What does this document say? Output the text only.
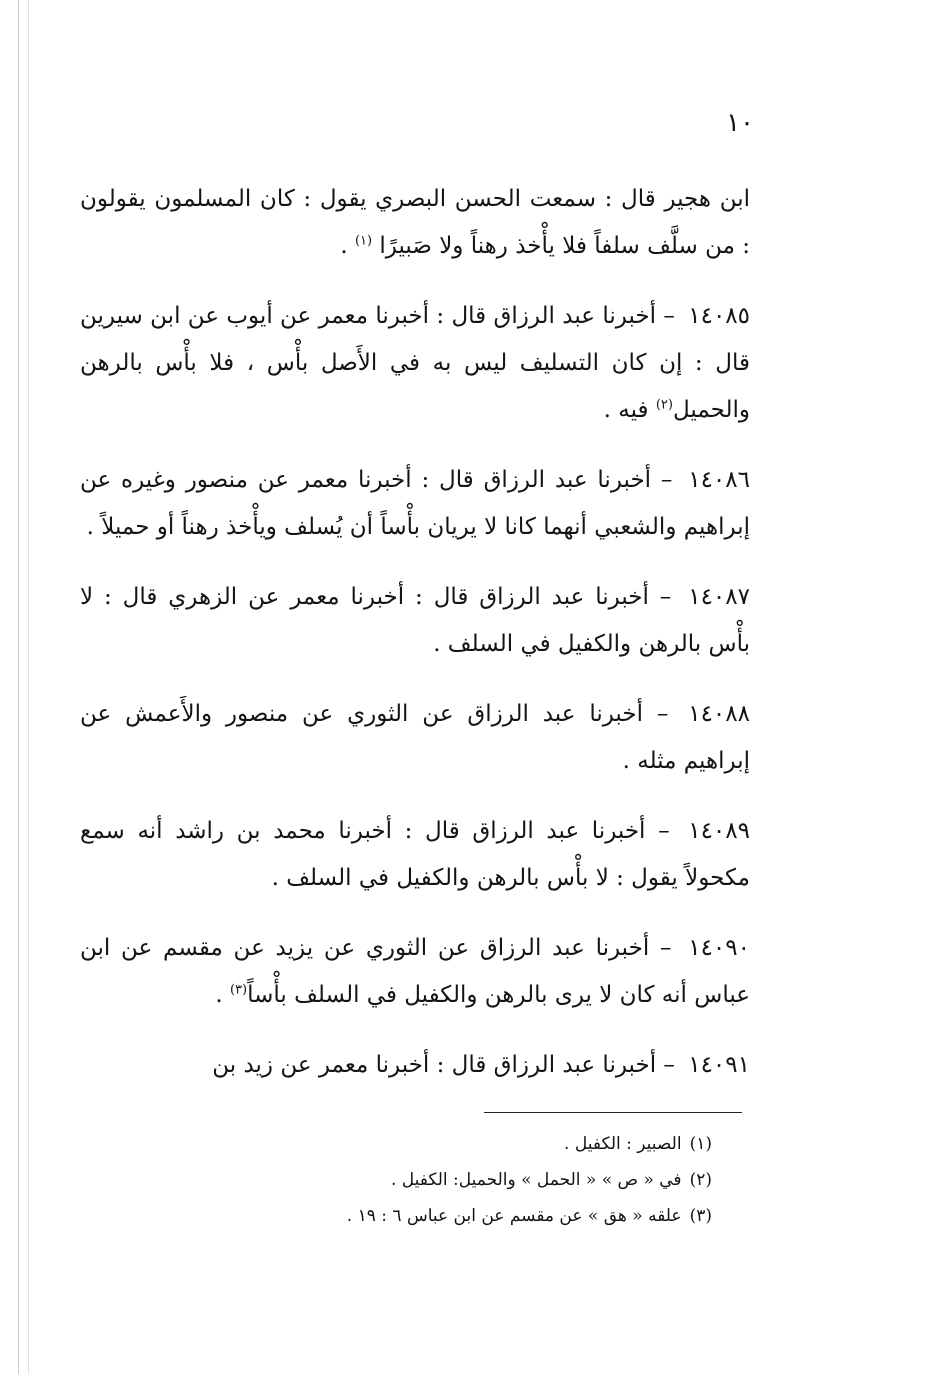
١٠

ابن هجير قال : سمعت الحسن البصري يقول : كان المسلمون يقولون : من سلَّف سلفاً فلا يأْخذ رهناً ولا صَبيرًا $^{(١)}$ .

١٤٠٨٥ – أخبرنا عبد الرزاق قال : أخبرنا معمر عن أيوب عن ابن سيرين قال : إن كان التسليف ليس به في الأَصل بأْس ، فلا بأْس بالرهن والحميل$^{(٢)}$ فيه .

١٤٠٨٦ – أخبرنا عبد الرزاق قال : أخبرنا معمر عن منصور وغيره عن إبراهيم والشعبي أنهما كانا لا يريان بأْساً أن يُسلف ويأْخذ رهناً أو حميلاً .

١٤٠٨٧ – أخبرنا عبد الرزاق قال : أخبرنا معمر عن الزهري قال : لا بأْس بالرهن والكفيل في السلف .

١٤٠٨٨ – أخبرنا عبد الرزاق عن الثوري عن منصور والأَعمش عن إبراهيم مثله .

١٤٠٨٩ – أخبرنا عبد الرزاق قال : أخبرنا محمد بن راشد أنه سمع مكحولاً يقول : لا بأْس بالرهن والكفيل في السلف .

١٤٠٩٠ – أخبرنا عبد الرزاق عن الثوري عن يزيد عن مقسم عن ابن عباس أنه كان لا يرى بالرهن والكفيل في السلف بأْساً$^{(٣)}$ .

١٤٠٩١ – أخبرنا عبد الرزاق قال : أخبرنا معمر عن زيد بن

(١)الصبير : الكفيل .
(٢)في « ص » « الحمل » والحميل: الكفيل .
(٣)علقه « هق » عن مقسم عن ابن عباس ٦ : ١٩ .
